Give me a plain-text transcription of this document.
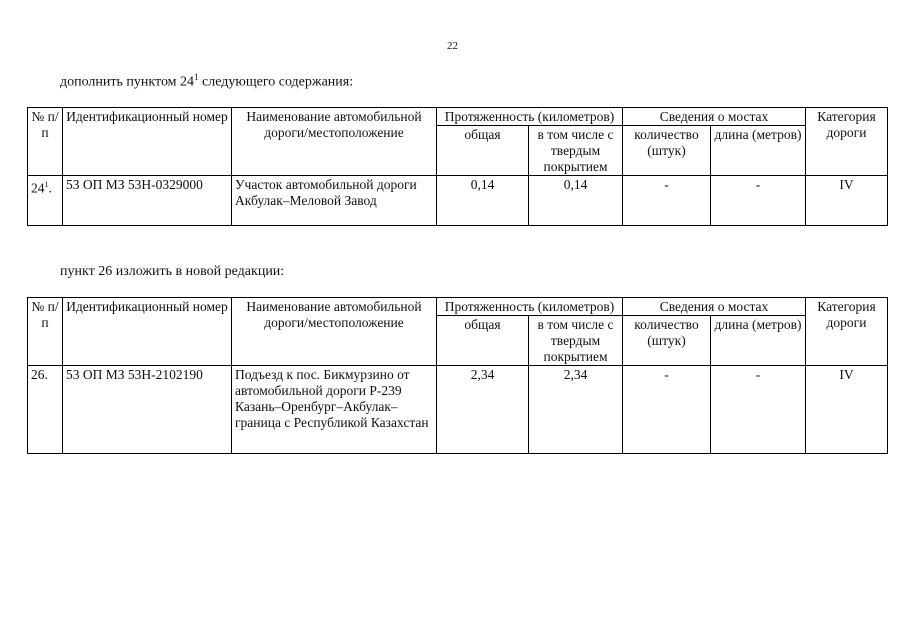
22
дополнить пунктом $24^1$ следующего содержания:
№ п/п	Идентификационный номер	Наименование автомобильной дороги/местоположение	Протяженность (километров)		Сведения о мостах		Категория дороги
			общая	в том числе с твердым покрытием	количество (штук)	длина (метров)	
$24^1$.	53 ОП МЗ 53Н-0329000	Участок автомобильной дороги Акбулак–Меловой Завод	0,14	0,14	-	-	IV
пункт 26 изложить в новой редакции:
№ п/п	Идентификационный номер	Наименование автомобильной дороги/местоположение	Протяженность (километров)		Сведения о мостах		Категория дороги
			общая	в том числе с твердым покрытием	количество (штук)	длина (метров)	
26.	53 ОП МЗ 53Н-2102190	Подъезд к пос. Бикмурзино от автомобильной дороги Р-239 Казань–Оренбург–Акбулак–граница с Республикой Казахстан	2,34	2,34	-	-	IV
